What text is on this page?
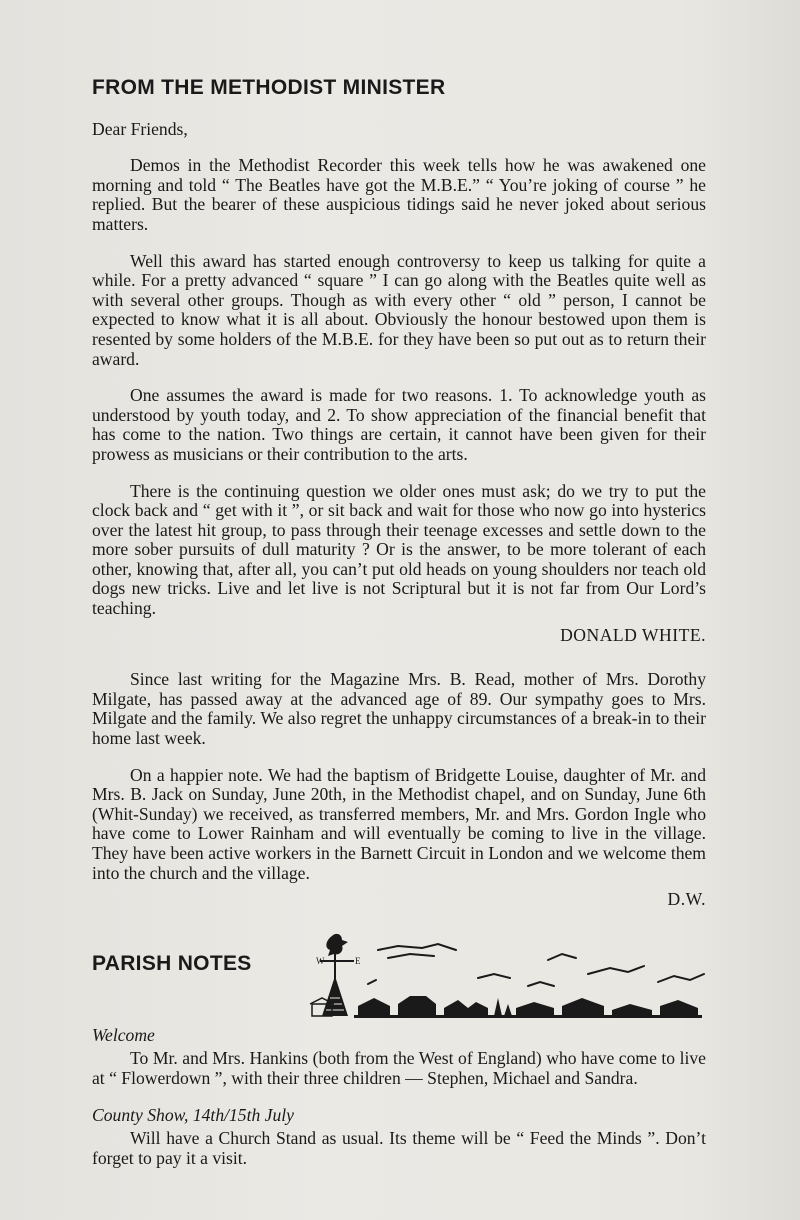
FROM THE METHODIST MINISTER

Dear Friends,

Demos in the Methodist Recorder this week tells how he was awakened one morning and told “ The Beatles have got the M.B.E.” “ You’re joking of course ” he replied. But the bearer of these auspicious tidings said he never joked about serious matters.

Well this award has started enough controversy to keep us talking for quite a while. For a pretty advanced “ square ” I can go along with the Beatles quite well as with several other groups. Though as with every other “ old ” person, I cannot be expected to know what it is all about. Obviously the honour bestowed upon them is resented by some holders of the M.B.E. for they have been so put out as to return their award.

One assumes the award is made for two reasons. 1. To acknowledge youth as understood by youth today, and 2. To show appreciation of the financial benefit that has come to the nation. Two things are certain, it cannot have been given for their prowess as musicians or their contribution to the arts.

There is the continuing question we older ones must ask; do we try to put the clock back and “ get with it ”, or sit back and wait for those who now go into hysterics over the latest hit group, to pass through their teenage excesses and settle down to the more sober pursuits of dull maturity ? Or is the answer, to be more tolerant of each other, knowing that, after all, you can’t put old heads on young shoulders nor teach old dogs new tricks. Live and let live is not Scriptural but it is not far from Our Lord’s teaching.

DONALD WHITE.

Since last writing for the Magazine Mrs. B. Read, mother of Mrs. Dorothy Milgate, has passed away at the advanced age of 89. Our sympathy goes to Mrs. Milgate and the family. We also regret the unhappy circumstances of a break-in to their home last week.

On a happier note. We had the baptism of Bridgette Louise, daughter of Mr. and Mrs. B. Jack on Sunday, June 20th, in the Methodist chapel, and on Sunday, June 6th (Whit-Sunday) we received, as transferred members, Mr. and Mrs. Gordon Ingle who have come to Lower Rainham and will eventually be coming to live in the village. They have been active workers in the Barnett Circuit in London and we welcome them into the church and the village.

D.W.

PARISH NOTES	W	E

Welcome

To Mr. and Mrs. Hankins (both from the West of England) who have come to live at “ Flowerdown ”, with their three children — Stephen, Michael and Sandra.

County Show, 14th/15th July

Will have a Church Stand as usual. Its theme will be “ Feed the Minds ”. Don’t forget to pay it a visit.
